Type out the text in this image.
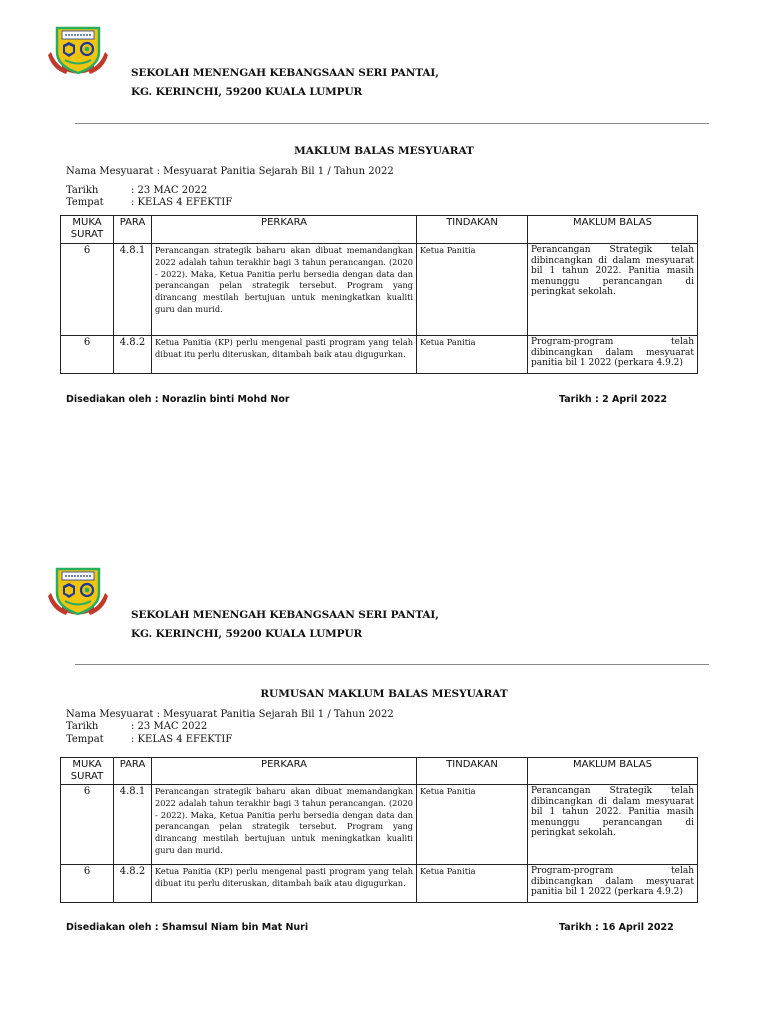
SEKOLAH MENENGAH KEBANGSAAN SERI PANTAI,
KG. KERINCHI, 59200 KUALA LUMPUR
MAKLUM BALAS MESYUARAT
Nama Mesyuarat : Mesyuarat Panitia Sejarah Bil 1 / Tahun 2022
Tarikh	: 23 MAC 2022
Tempat	: KELAS 4 EFEKTIF
MUKA SURAT	PARA	PERKARA	TINDAKAN	MAKLUM BALAS
6	4.8.1	Perancangan strategik baharu akan dibuat memandangkan 2022 adalah tahun terakhir bagi 3 tahun perancangan. (2020 - 2022). Maka, Ketua Panitia perlu bersedia dengan data dan perancangan pelan strategik tersebut. Program yang dirancang mestilah bertujuan untuk meningkatkan kualiti guru dan murid.	Ketua Panitia	Perancangan Strategik telah dibincangkan di dalam mesyuarat bil 1 tahun 2022. Panitia masih menunggu perancangan di peringkat sekolah.
6	4.8.2	Ketua Panitia (KP) perlu mengenal pasti program yang telah dibuat itu perlu diteruskan, ditambah baik atau digugurkan.	Ketua Panitia	Program-program telah dibincangkan dalam mesyuarat panitia bil 1 2022 (perkara 4.9.2)
Disediakan oleh : Norazlin binti Mohd Nor	Tarikh : 2 April 2022
SEKOLAH MENENGAH KEBANGSAAN SERI PANTAI,
KG. KERINCHI, 59200 KUALA LUMPUR
RUMUSAN MAKLUM BALAS MESYUARAT
Nama Mesyuarat : Mesyuarat Panitia Sejarah Bil 1 / Tahun 2022
Tarikh	: 23 MAC 2022
Tempat	: KELAS 4 EFEKTIF
MUKA SURAT	PARA	PERKARA	TINDAKAN	MAKLUM BALAS
6	4.8.1	Perancangan strategik baharu akan dibuat memandangkan 2022 adalah tahun terakhir bagi 3 tahun perancangan. (2020 - 2022). Maka, Ketua Panitia perlu bersedia dengan data dan perancangan pelan strategik tersebut. Program yang dirancang mestilah bertujuan untuk meningkatkan kualiti guru dan murid.	Ketua Panitia	Perancangan Strategik telah dibincangkan di dalam mesyuarat bil 1 tahun 2022. Panitia masih menunggu perancangan di peringkat sekolah.
6	4.8.2	Ketua Panitia (KP) perlu mengenal pasti program yang telah dibuat itu perlu diteruskan, ditambah baik atau digugurkan.	Ketua Panitia	Program-program telah dibincangkan dalam mesyuarat panitia bil 1 2022 (perkara 4.9.2)
Disediakan oleh : Shamsul Niam bin Mat Nuri	Tarikh : 16 April 2022
